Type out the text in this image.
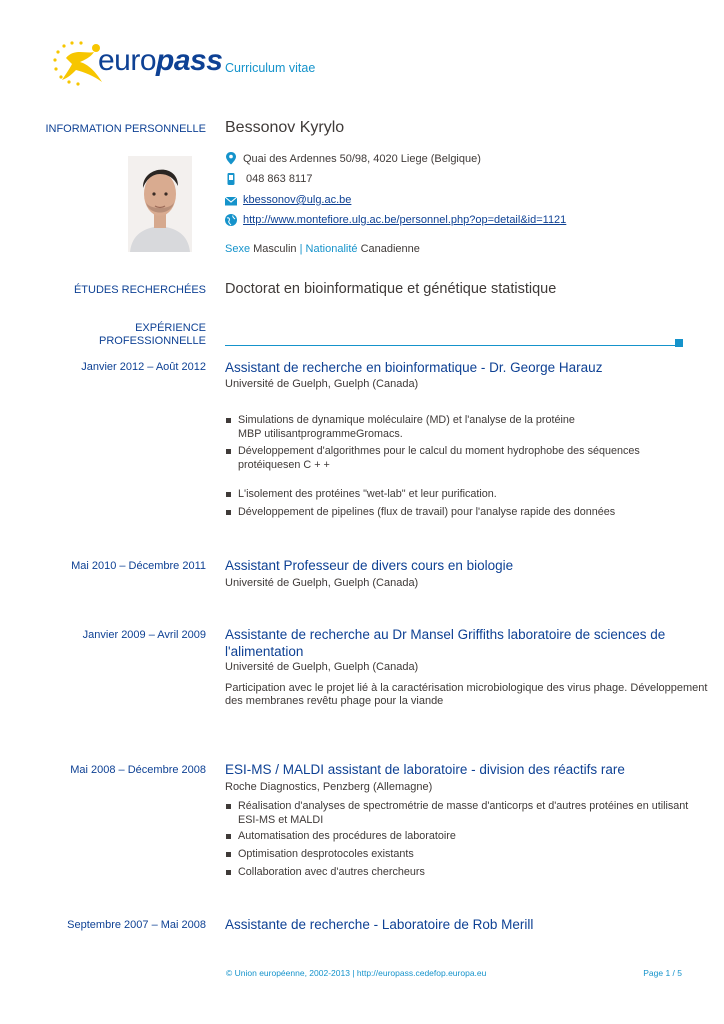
europass Curriculum vitae
INFORMATION PERSONNELLE Bessonov Kyrylo
Quai des Ardennes 50/98, 4020 Liege (Belgique)
048 863 8117
kbessonov@ulg.ac.be
http://www.montefiore.ulg.ac.be/personnel.php?op=detail&id=1121
Sexe Masculin | Nationalité Canadienne
ÉTUDES RECHERCHÉES Doctorat en bioinformatique et génétique statistique
EXPÉRIENCE
PROFESSIONNELLE
Janvier 2012 – Août 2012 Assistant de recherche en bioinformatique - Dr. George Harauz
Université de Guelph, Guelph (Canada)
Simulations de dynamique moléculaire (MD) et l'analyse de la protéine MBP utilisantprogrammeGromacs.
Développement d'algorithmes pour le calcul du moment hydrophobe des séquences protéiquesen C + +
L'isolement des protéines "wet-lab" et leur purification.
Développement de pipelines (flux de travail) pour l'analyse rapide des données
Mai 2010 – Décembre 2011 Assistant Professeur de divers cours en biologie
Université de Guelph, Guelph (Canada)
Janvier 2009 – Avril 2009 Assistante de recherche au Dr Mansel Griffiths laboratoire de sciences de
l'alimentation
Université de Guelph, Guelph (Canada)
Participation avec le projet lié à la caractérisation microbiologique des virus phage. Développement
des membranes revêtu phage pour la viande
Mai 2008 – Décembre 2008 ESI-MS / MALDI assistant de laboratoire - division des réactifs rare
Roche Diagnostics, Penzberg (Allemagne)
Réalisation d'analyses de spectrométrie de masse d'anticorps et d'autres protéines en utilisant ESI-MS et MALDI
Automatisation des procédures de laboratoire
Optimisation desprotocoles existants
Collaboration avec d'autres chercheurs
Septembre 2007 – Mai 2008 Assistante de recherche - Laboratoire de Rob Merill
© Union européenne, 2002-2013 | http://europass.cedefop.europa.eu	Page 1 / 5
